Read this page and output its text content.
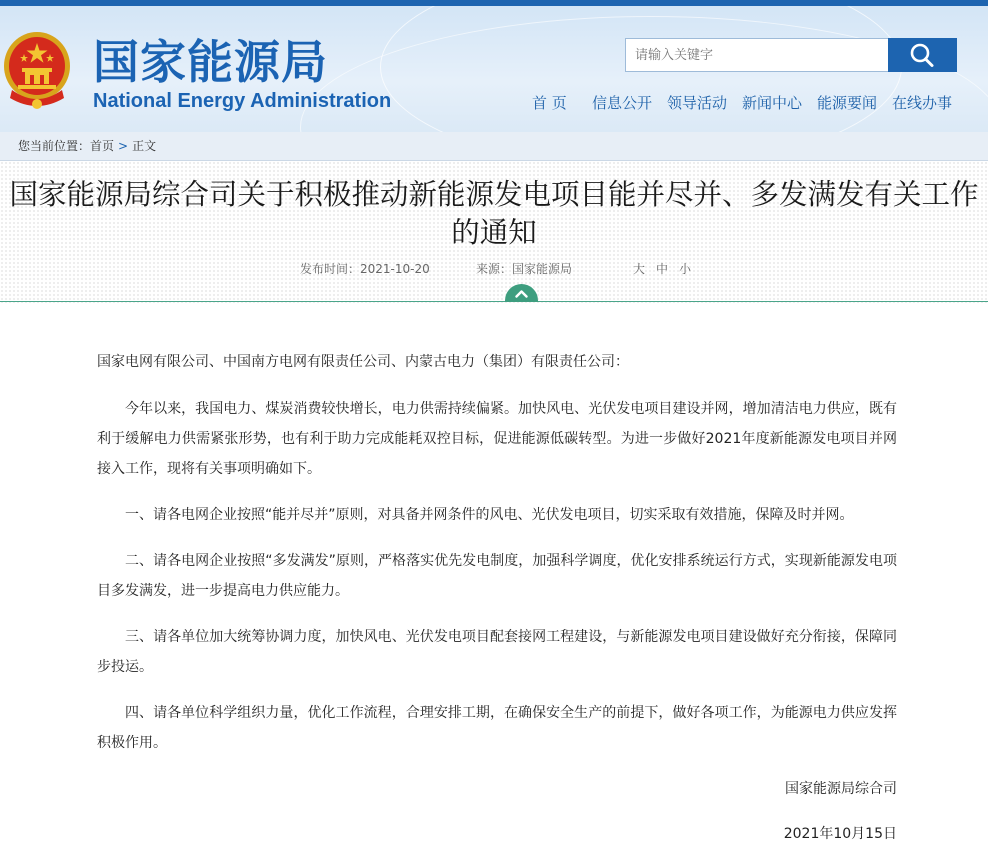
国家能源局
National Energy Administration
请输入关键字	首 页 信息公开 领导活动 新闻中心 能源要闻 在线办事
您当前位置：首页 > 正文
国家能源局综合司关于积极推动新能源发电项目能并尽并、多发满发有关工作的通知
发布时间：2021-10-20	来源：国家能源局	大 中 小

国家电网有限公司、中国南方电网有限责任公司、内蒙古电力（集团）有限责任公司：

今年以来，我国电力、煤炭消费较快增长，电力供需持续偏紧。加快风电、光伏发电项目建设并网，增加清洁电力供应，既有利于缓解电力供需紧张形势，也有利于助力完成能耗双控目标，促进能源低碳转型。为进一步做好2021年度新能源发电项目并网接入工作，现将有关事项明确如下。

一、请各电网企业按照“能并尽并”原则，对具备并网条件的风电、光伏发电项目，切实采取有效措施，保障及时并网。

二、请各电网企业按照“多发满发”原则，严格落实优先发电制度，加强科学调度，优化安排系统运行方式，实现新能源发电项目多发满发，进一步提高电力供应能力。

三、请各单位加大统筹协调力度，加快风电、光伏发电项目配套接网工程建设，与新能源发电项目建设做好充分衔接，保障同步投运。

四、请各单位科学组织力量，优化工作流程，合理安排工期，在确保安全生产的前提下，做好各项工作，为能源电力供应发挥积极作用。

国家能源局综合司

2021年10月15日
